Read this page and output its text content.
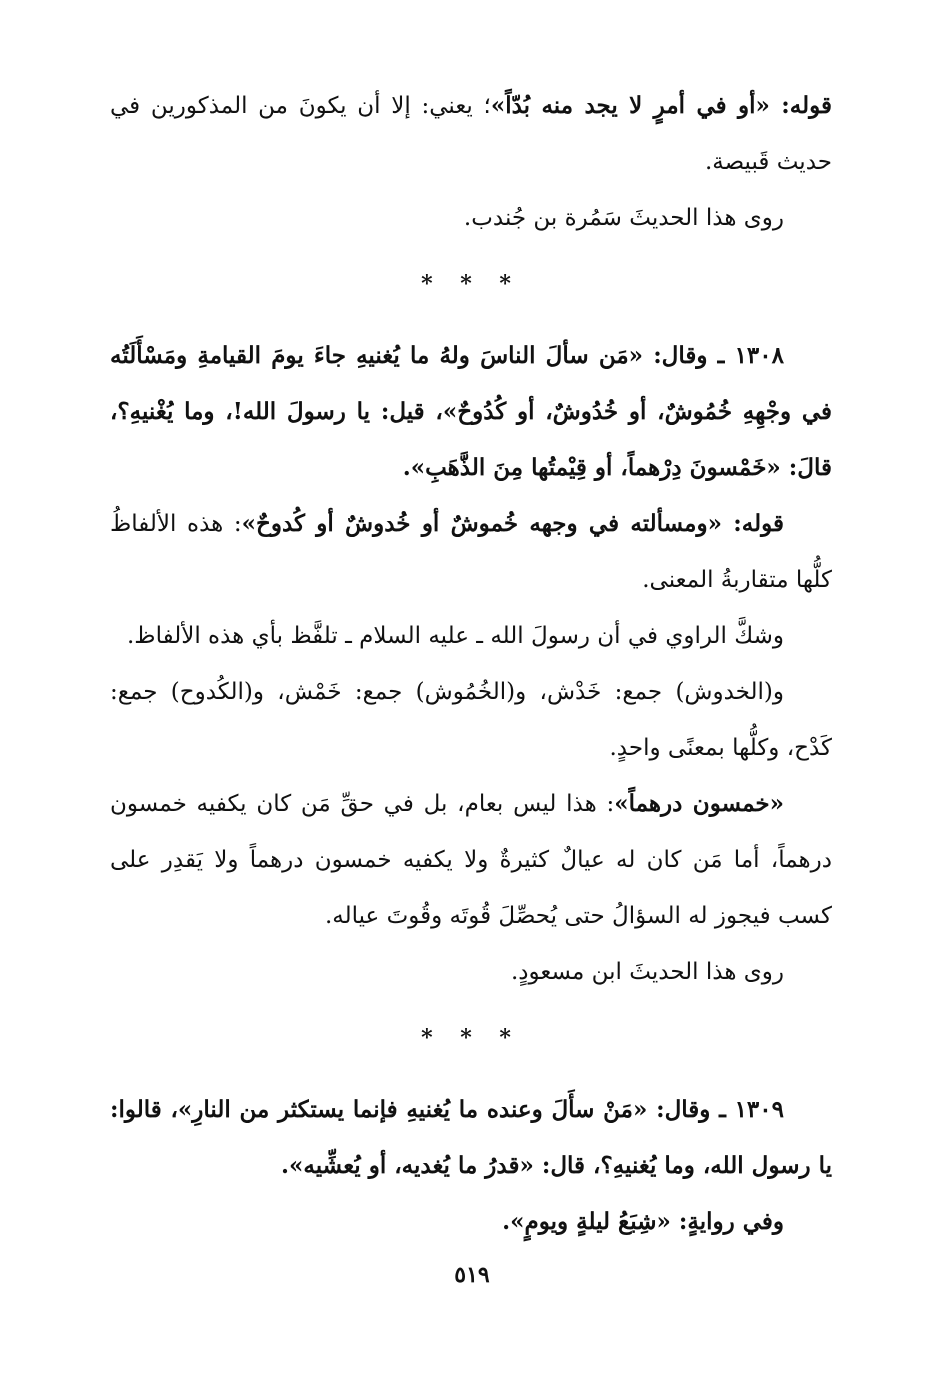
قوله: «أو في أمرٍ لا يجد منه بُدّاً»؛ يعني: إلا أن يكونَ من المذكورين في حديث قَبيصة.

روى هذا الحديثَ سَمُرة بن جُندب.

* * *

١٣٠٨ ـ وقال: «مَن سألَ الناسَ ولهُ ما يُغنيهِ جاءَ يومَ القيامةِ ومَسْأَلَتُه في وجْهِهِ خُمُوشٌ، أو خُدُوشٌ، أو كُدُوحٌ»، قيل: يا رسولَ الله!، وما يُغْنيهِ؟، قالَ: «خَمْسونَ دِرْهماً، أو قِيْمتُها مِنَ الذَّهَبِ».

قوله: «ومسألته في وجهه خُموشٌ أو خُدوشٌ أو كُدوحٌ»: هذه الألفاظُ كلُّها متقاربةُ المعنى.

وشكَّ الراوي في أن رسولَ الله ـ عليه السلام ـ تلفَّظ بأي هذه الألفاظ.

و(الخدوش) جمع: خَدْش، و(الخُمُوش) جمع: خَمْش، و(الكُدوح) جمع: كَدْح، وكلُّها بمعنًى واحدٍ.

«خمسون درهماً»: هذا ليس بعام، بل في حقِّ مَن كان يكفيه خمسون درهماً، أما مَن كان له عيالٌ كثيرةٌ ولا يكفيه خمسون درهماً ولا يَقدِر على كسب فيجوز له السؤالُ حتى يُحصِّلَ قُوتَه وقُوتَ عياله.

روى هذا الحديثَ ابن مسعودٍ.

* * *

١٣٠٩ ـ وقال: «مَنْ سأَلَ وعنده ما يُغنيهِ فإنما يستكثر من النارِ»، قالوا: يا رسول الله، وما يُغنيهِ؟، قال: «قدرُ ما يُغديه، أو يُعشِّيه».

وفي روايةٍ: «شِبَعُ ليلةٍ ويومٍ».

٥١٩
